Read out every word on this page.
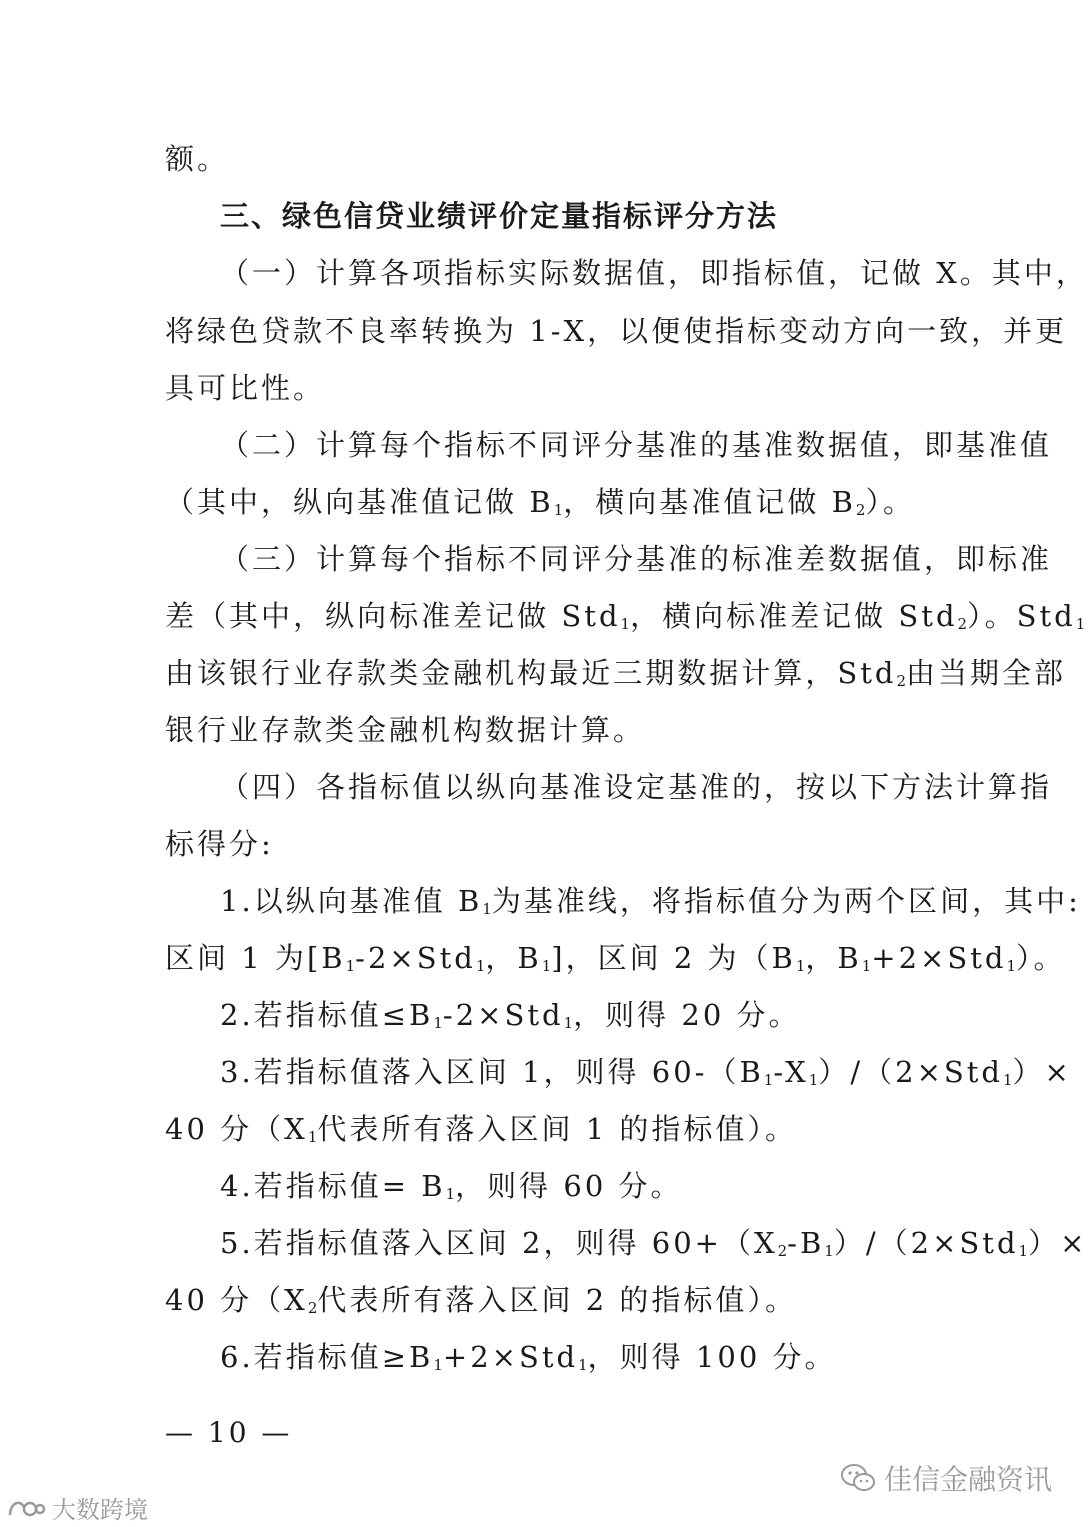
额。
三、绿色信贷业绩评价定量指标评分方法
（一）计算各项指标实际数据值，即指标值，记做 X。其中，
将绿色贷款不良率转换为 1-X，以便使指标变动方向一致，并更
具可比性。
（二）计算每个指标不同评分基准的基准数据值，即基准值
（其中，纵向基准值记做 $B_1$，横向基准值记做 $B_2$）。
（三）计算每个指标不同评分基准的标准差数据值，即标准
差（其中，纵向标准差记做 Std$_1$，横向标准差记做 Std$_2$）。Std$_1$
由该银行业存款类金融机构最近三期数据计算，Std$_2$由当期全部
银行业存款类金融机构数据计算。
（四）各指标值以纵向基准设定基准的，按以下方法计算指
标得分:
1.以纵向基准值 $B_1$为基准线，将指标值分为两个区间，其中:
区间 1 为[$B_1-2\times Std_1$，$B_1$]，区间 2 为（$B_1$，$B_1+2\times Std_1$）。
2.若指标值$\le B_1-2\times Std_1$，则得 20 分。
3.若指标值落入区间 1，则得 $60-(B_1-X_1)/(2\times Std_1)\times$
40 分（$X_1$代表所有落入区间 1 的指标值）。
4.若指标值= $B_1$，则得 60 分。
5.若指标值落入区间 2，则得 $60+(X_2-B_1)/(2\times Std_1)\times$
40 分（$X_2$代表所有落入区间 2 的指标值）。
6.若指标值$\ge B_1+2\times Std_1$，则得 100 分。
— 10 —
佳信金融资讯
大数跨境
